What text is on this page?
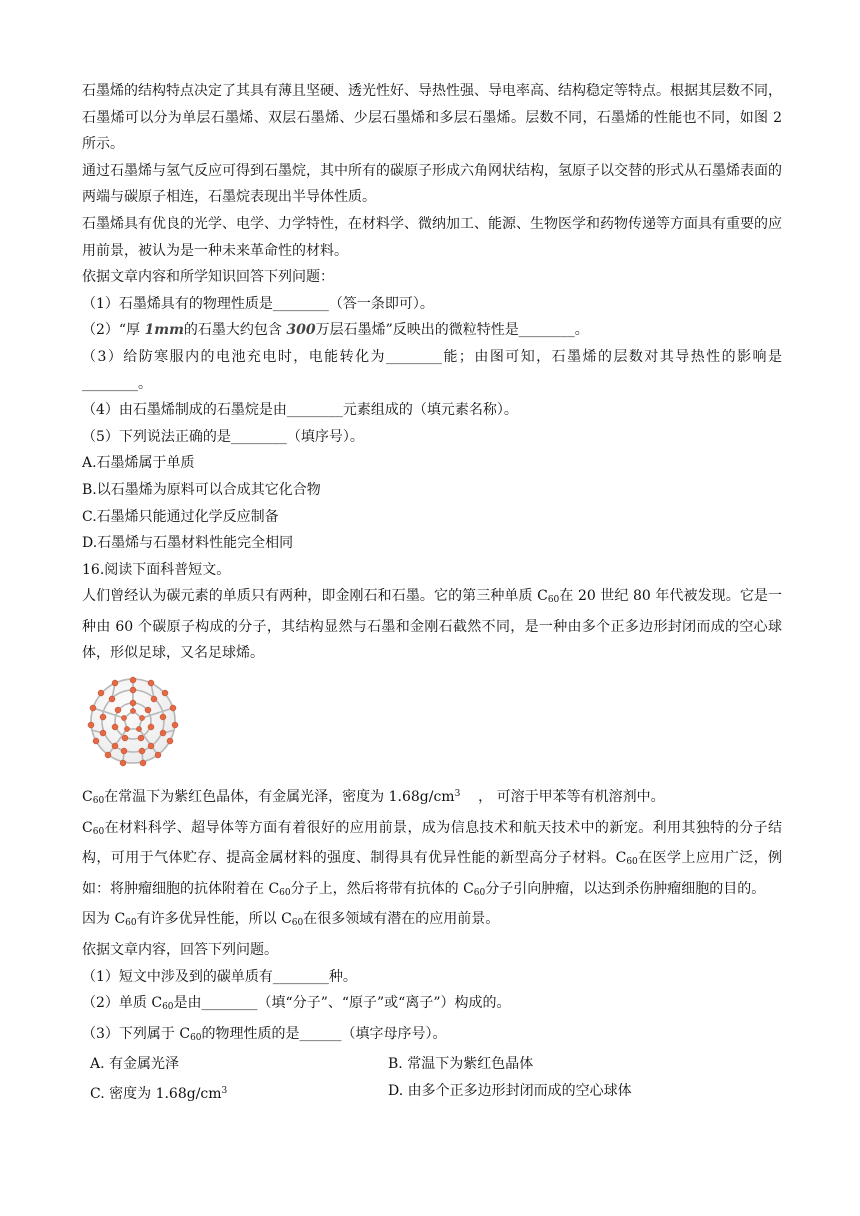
石墨烯的结构特点决定了其具有薄且坚硬、透光性好、导热性强、导电率高、结构稳定等特点。根据其层数不同，石墨烯可以分为单层石墨烯、双层石墨烯、少层石墨烯和多层石墨烯。层数不同，石墨烯的性能也不同，如图 2 所示。

通过石墨烯与氢气反应可得到石墨烷，其中所有的碳原子形成六角网状结构，氢原子以交替的形式从石墨烯表面的两端与碳原子相连，石墨烷表现出半导体性质。

石墨烯具有优良的光学、电学、力学特性，在材料学、微纳加工、能源、生物医学和药物传递等方面具有重要的应用前景，被认为是一种未来革命性的材料。

依据文章内容和所学知识回答下列问题：

（1）石墨烯具有的物理性质是________（答一条即可）。

（2）“厚 1mm的石墨大约包含 300万层石墨烯”反映出的微粒特性是________。

（3）给防寒服内的电池充电时，电能转化为________能；由图可知，石墨烯的层数对其导热性的影响是________。

（4）由石墨烯制成的石墨烷是由________元素组成的（填元素名称）。

（5）下列说法正确的是________（填序号）。

A.石墨烯属于单质

B.以石墨烯为原料可以合成其它化合物

C.石墨烯只能通过化学反应制备

D.石墨烯与石墨材料性能完全相同

16.阅读下面科普短文。

人们曾经认为碳元素的单质只有两种，即金刚石和石墨。它的第三种单质 $C_{60}$在 20 世纪 80 年代被发现。它是一种由 60 个碳原子构成的分子，其结构显然与石墨和金刚石截然不同，是一种由多个正多边形封闭而成的空心球体，形似足球，又名足球烯。

$C_{60}$在常温下为紫红色晶体，有金属光泽，密度为 $1.68g/cm^3$ ， 可溶于甲苯等有机溶剂中。

$C_{60}$在材料科学、超导体等方面有着很好的应用前景，成为信息技术和航天技术中的新宠。利用其独特的分子结构，可用于气体贮存、提高金属材料的强度、制得具有优异性能的新型高分子材料。$C_{60}$在医学上应用广泛，例如：将肿瘤细胞的抗体附着在 $C_{60}$分子上，然后将带有抗体的 $C_{60}$分子引向肿瘤，以达到杀伤肿瘤细胞的目的。

因为 $C_{60}$有许多优异性能，所以 $C_{60}$在很多领域有潜在的应用前景。

依据文章内容，回答下列问题。

（1）短文中涉及到的碳单质有________种。

（2）单质 $C_{60}$是由________（填“分子”、“原子”或“离子”）构成的。

（3）下列属于 $C_{60}$的物理性质的是______（填字母序号）。

A. 有金属光泽	B. 常温下为紫红色晶体

C. 密度为 $1.68g/cm^3$	D. 由多个正多边形封闭而成的空心球体
